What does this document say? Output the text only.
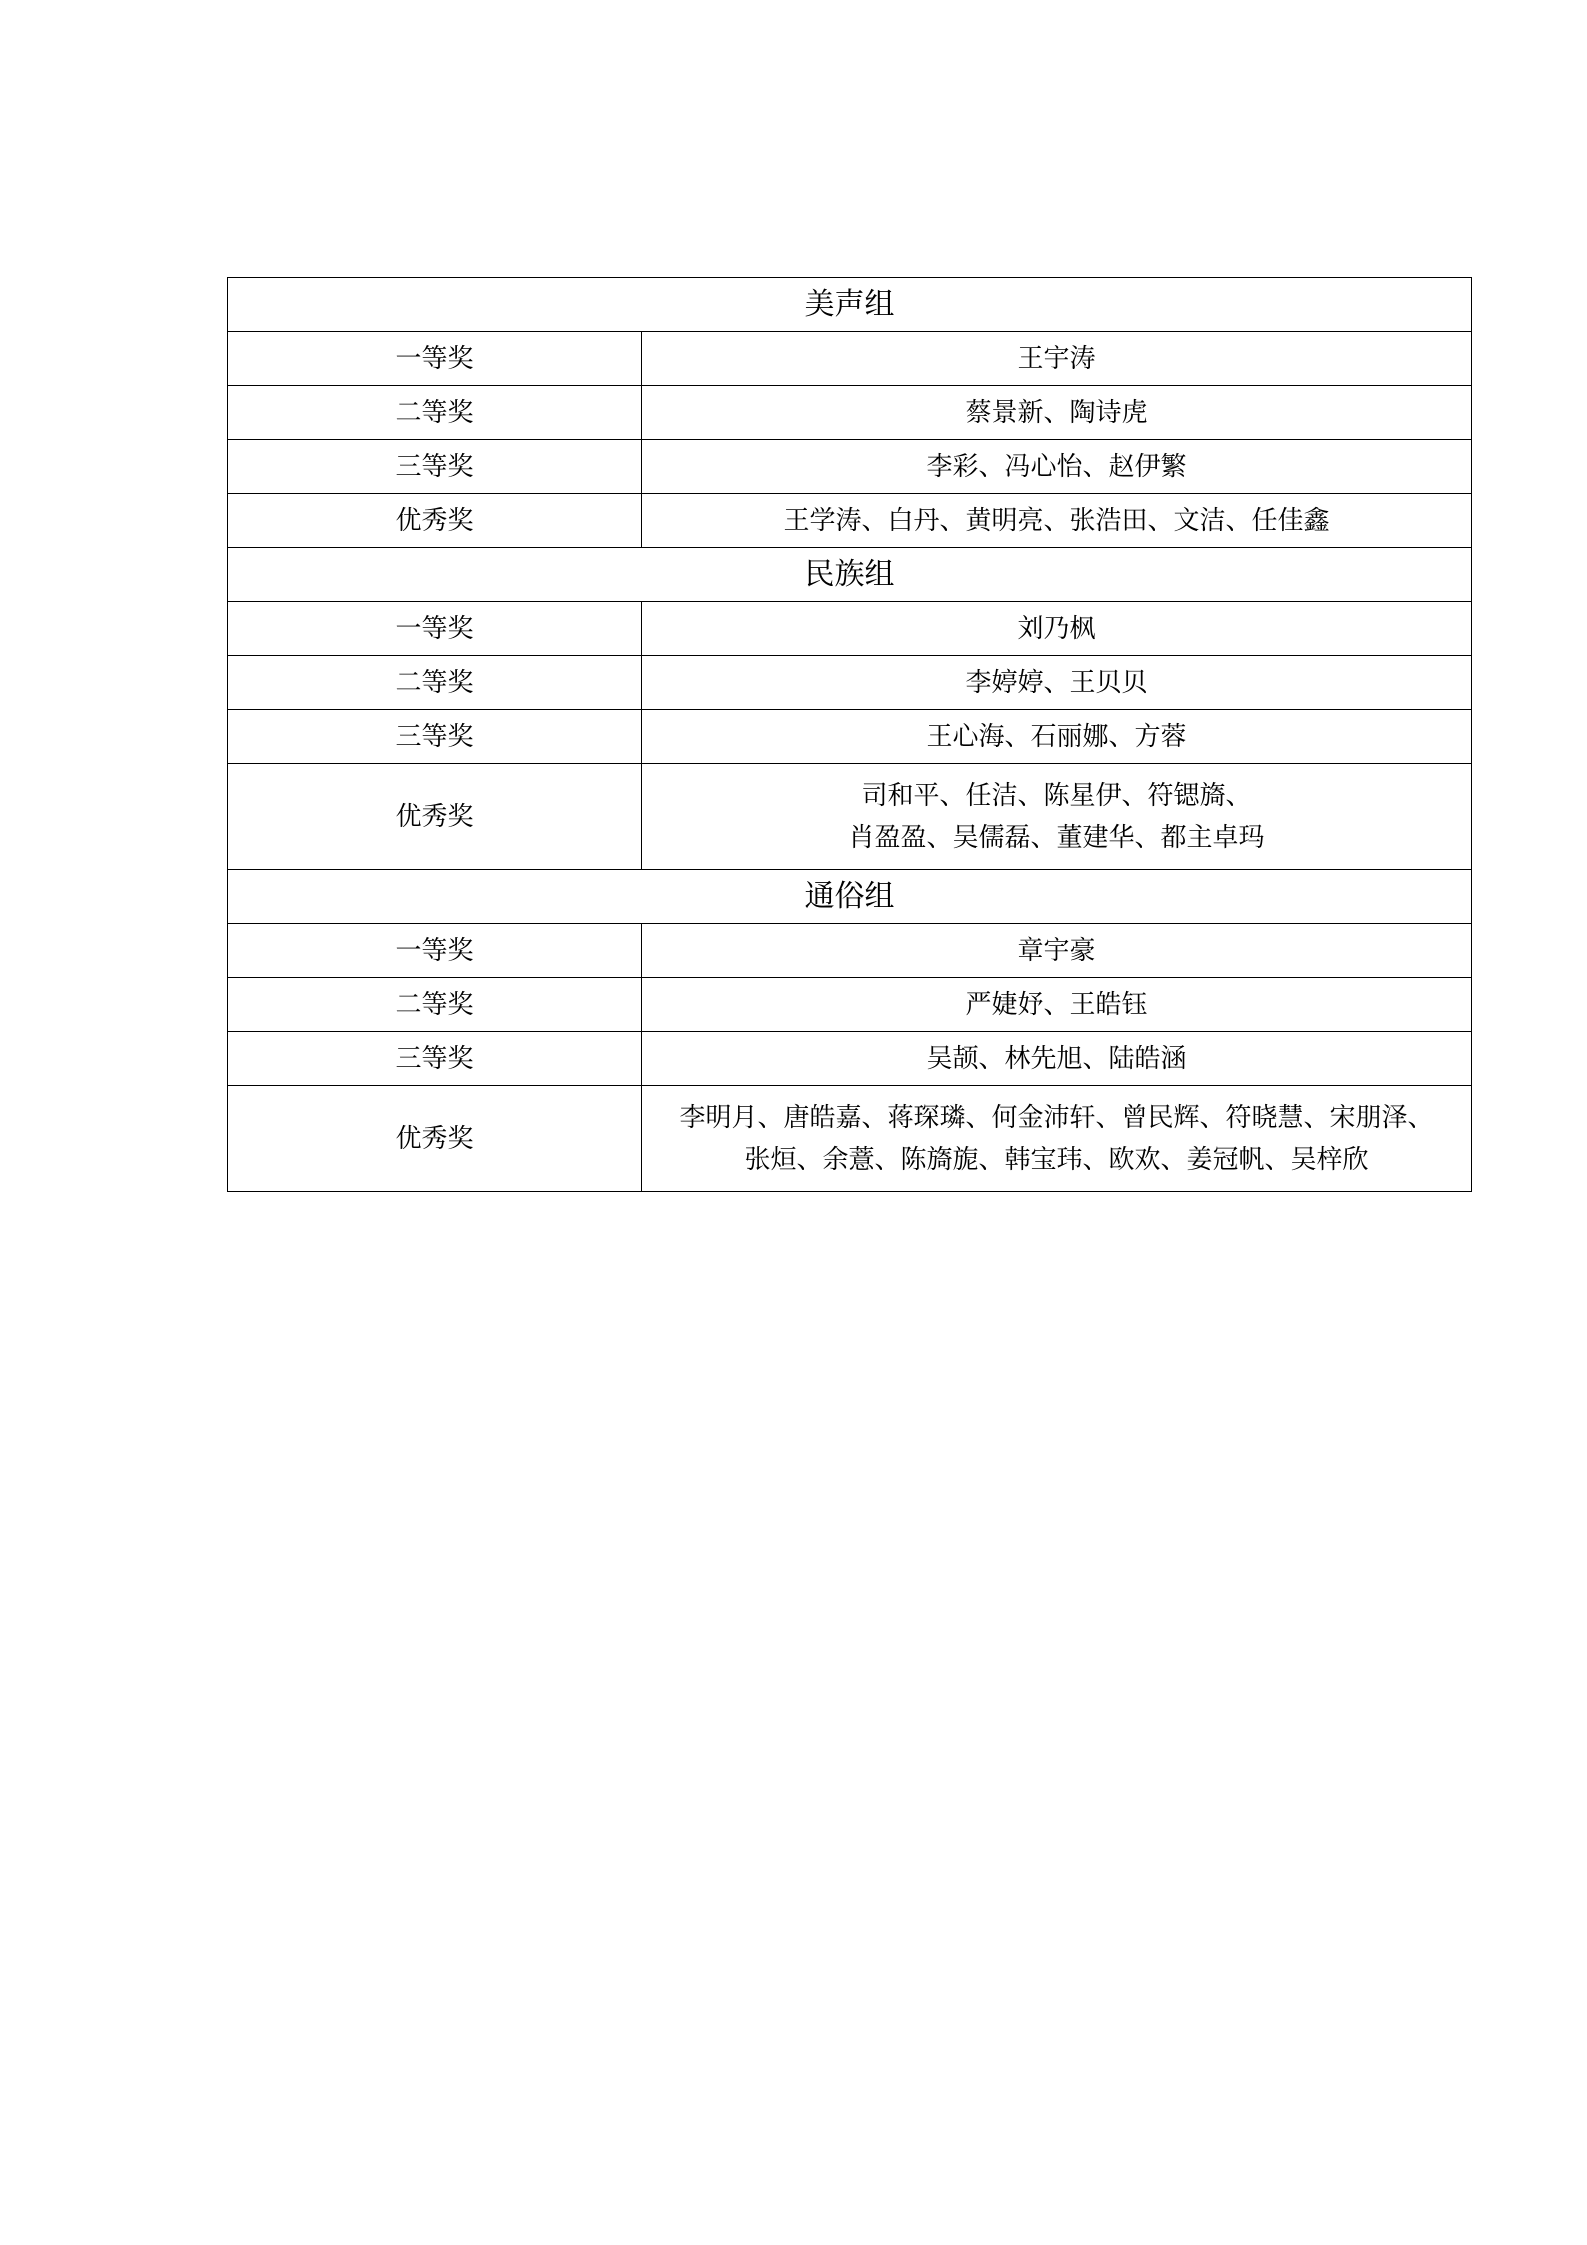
美声组	
一等奖	王宇涛

二等奖	蔡景新、陶诗虎

三等奖	李彩、冯心怡、赵伊繁

优秀奖	王学涛、白丹、黄明亮、张浩田、文洁、任佳鑫

民族组	
一等奖	刘乃枫

二等奖	李婷婷、王贝贝

三等奖	王心海、石丽娜、方蓉

优秀奖	司和平、任洁、陈星伊、符锶旖、
肖盈盈、吴儒磊、董建华、都主卓玛

通俗组	
一等奖	章宇豪

二等奖	严婕妤、王皓钰

三等奖	吴颉、林先旭、陆皓涵

优秀奖	李明月、唐皓嘉、蒋琛璘、何金沛轩、曾民辉、符晓慧、宋朋泽、
张烜、余薏、陈旖旎、韩宝玮、欧欢、姜冠帆、吴梓欣
